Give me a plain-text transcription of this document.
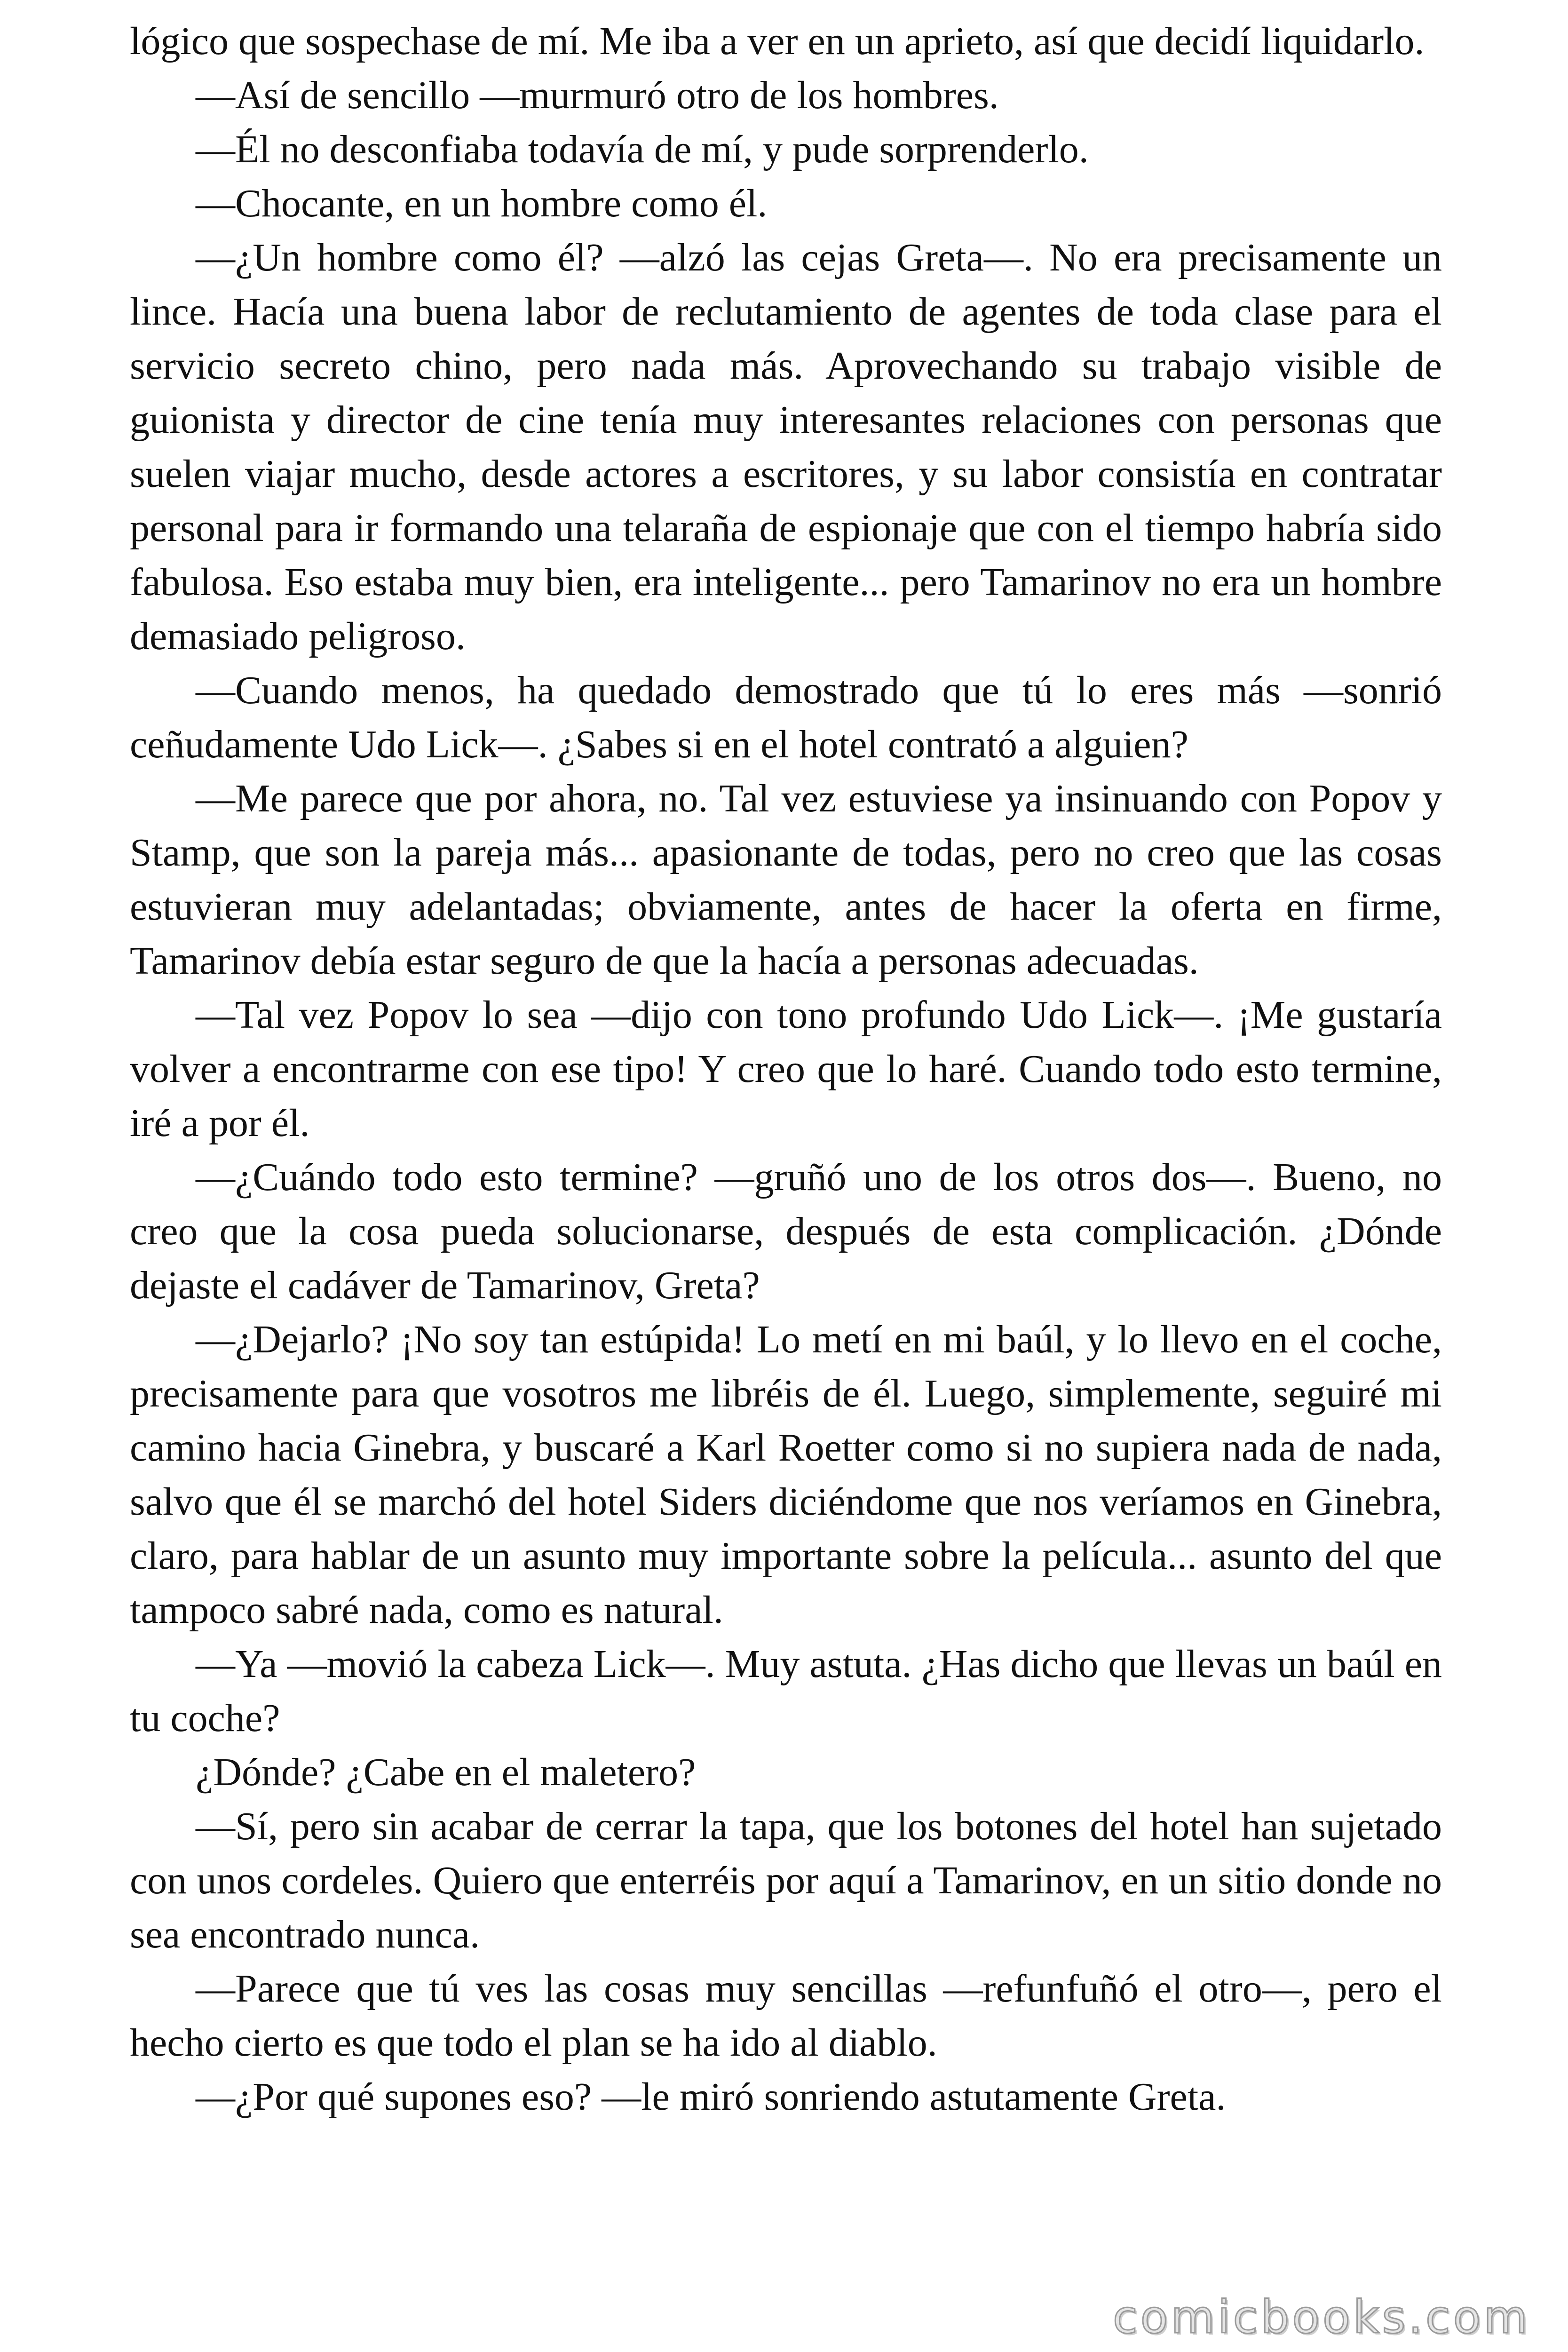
lógico que sospechase de mí. Me iba a ver en un aprieto, así que decidí liquidarlo.

—Así de sencillo —murmuró otro de los hombres.

—Él no desconfiaba todavía de mí, y pude sorprenderlo.

—Chocante, en un hombre como él.

—¿Un hombre como él? —alzó las cejas Greta—. No era precisamente un lince. Hacía una buena labor de reclutamiento de agentes de toda clase para el servicio secreto chino, pero nada más. Aprovechando su trabajo visible de guionista y director de cine tenía muy interesantes relaciones con personas que suelen viajar mucho, desde actores a escritores, y su labor consistía en contratar personal para ir formando una telaraña de espionaje que con el tiempo habría sido fabulosa. Eso estaba muy bien, era inteligente... pero Tamarinov no era un hombre demasiado peligroso.

—Cuando menos, ha quedado demostrado que tú lo eres más —sonrió ceñudamente Udo Lick—. ¿Sabes si en el hotel contrató a alguien?

—Me parece que por ahora, no. Tal vez estuviese ya insinuando con Popov y Stamp, que son la pareja más... apasionante de todas, pero no creo que las cosas estuvieran muy adelantadas; obviamente, antes de hacer la oferta en firme, Tamarinov debía estar seguro de que la hacía a personas adecuadas.

—Tal vez Popov lo sea —dijo con tono profundo Udo Lick—. ¡Me gustaría volver a encontrarme con ese tipo! Y creo que lo haré. Cuando todo esto termine, iré a por él.

—¿Cuándo todo esto termine? —gruñó uno de los otros dos—. Bueno, no creo que la cosa pueda solucionarse, después de esta complicación. ¿Dónde dejaste el cadáver de Tamarinov, Greta?

—¿Dejarlo? ¡No soy tan estúpida! Lo metí en mi baúl, y lo llevo en el coche, precisamente para que vosotros me libréis de él. Luego, simplemente, seguiré mi camino hacia Ginebra, y buscaré a Karl Roetter como si no supiera nada de nada, salvo que él se marchó del hotel Siders diciéndome que nos veríamos en Ginebra, claro, para hablar de un asunto muy importante sobre la película... asunto del que tampoco sabré nada, como es natural.

—Ya —movió la cabeza Lick—. Muy astuta. ¿Has dicho que llevas un baúl en tu coche?

¿Dónde? ¿Cabe en el maletero?

—Sí, pero sin acabar de cerrar la tapa, que los botones del hotel han sujetado con unos cordeles. Quiero que enterréis por aquí a Tamarinov, en un sitio donde no sea encontrado nunca.

—Parece que tú ves las cosas muy sencillas —refunfuñó el otro—, pero el hecho cierto es que todo el plan se ha ido al diablo.

—¿Por qué supones eso? —le miró sonriendo astutamente Greta.

comicbooks.com
